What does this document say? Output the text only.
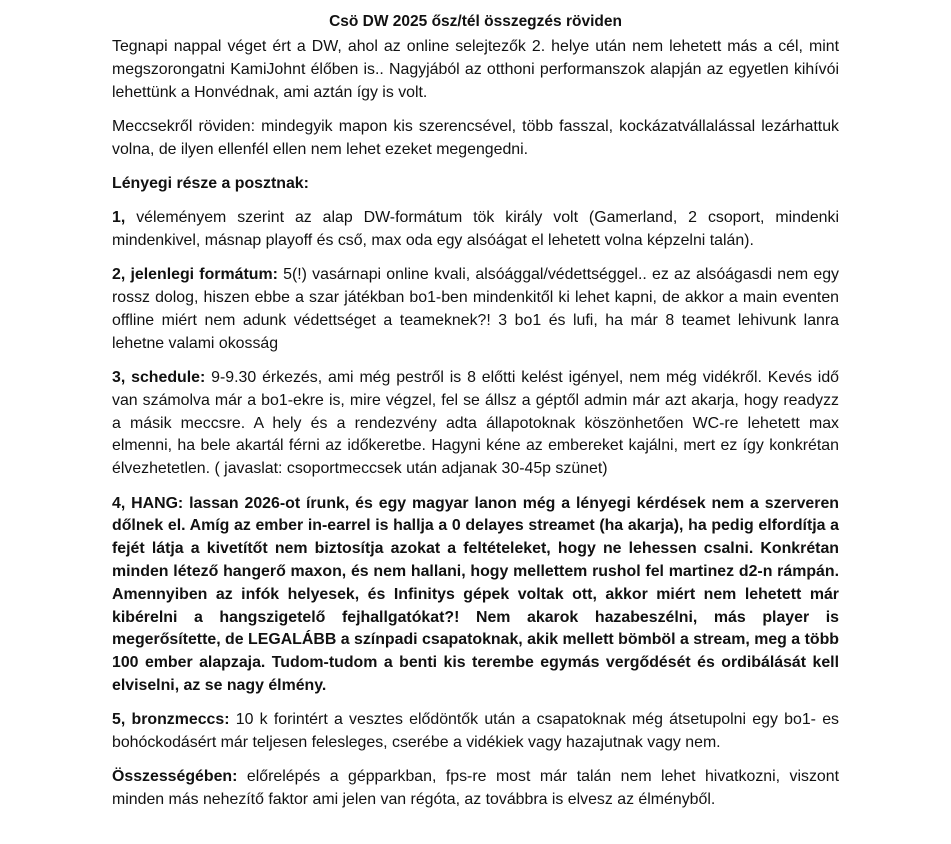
Csö DW 2025 ősz/tél összegzés röviden

Tegnapi nappal véget ért a DW, ahol az online selejtezők 2. helye után nem lehetett más a cél, mint megszorongatni KamiJohnt élőben is.. Nagyjából az otthoni performanszok alapján az egyetlen kihívói lehettünk a Honvédnak, ami aztán így is volt.

Meccsekről röviden: mindegyik mapon kis szerencsével, több fasszal, kockázatvállalással lezárhattuk volna, de ilyen ellenfél ellen nem lehet ezeket megengedni.

Lényegi része a posztnak:

1, véleményem szerint az alap DW-formátum tök király volt (Gamerland, 2 csoport, mindenki mindenkivel, másnap playoff és cső, max oda egy alsóágat el lehetett volna képzelni talán).

2, jelenlegi formátum: 5(!) vasárnapi online kvali, alsóággal/védettséggel.. ez az alsóágasdi nem egy rossz dolog, hiszen ebbe a szar játékban bo1-ben mindenkitől ki lehet kapni, de akkor a main eventen offline miért nem adunk védettséget a teameknek?! 3 bo1 és lufi, ha már 8 teamet lehivunk lanra lehetne valami okosság

3, schedule: 9-9.30 érkezés, ami még pestről is 8 előtti kelést igényel, nem még vidékről. Kevés idő van számolva már a bo1-ekre is, mire végzel, fel se állsz a géptől admin már azt akarja, hogy readyzz a másik meccsre. A hely és a rendezvény adta állapotoknak köszönhetően WC-re lehetett max elmenni, ha bele akartál férni az időkeretbe. Hagyni kéne az embereket kajálni, mert ez így konkrétan élvezhetetlen. ( javaslat: csoportmeccsek után adjanak 30-45p szünet)

4, HANG: lassan 2026-ot írunk, és egy magyar lanon még a lényegi kérdések nem a szerveren dőlnek el. Amíg az ember in-earrel is hallja a 0 delayes streamet (ha akarja), ha pedig elfordítja a fejét látja a kivetítőt nem biztosítja azokat a feltételeket, hogy ne lehessen csalni. Konkrétan minden létező hangerő maxon, és nem hallani, hogy mellettem rushol fel martinez d2-n rámpán. Amennyiben az infók helyesek, és Infinitys gépek voltak ott, akkor miért nem lehetett már kibérelni a hangszigetelő fejhallgatókat?! Nem akarok hazabeszélni, más player is megerősítette, de LEGALÁBB a színpadi csapatoknak, akik mellett bömböl a stream, meg a több 100 ember alapzaja. Tudom-tudom a benti kis terembe egymás vergődését és ordibálását kell elviselni, az se nagy élmény.

5, bronzmeccs: 10 k forintért a vesztes elődöntők után a csapatoknak még átsetupolni egy bo1- es bohóckodásért már teljesen felesleges, cserébe a vidékiek vagy hazajutnak vagy nem.

Összességében: előrelépés a gépparkban, fps-re most már talán nem lehet hivatkozni, viszont minden más nehezítő faktor ami jelen van régóta, az továbbra is elvesz az élményből.
